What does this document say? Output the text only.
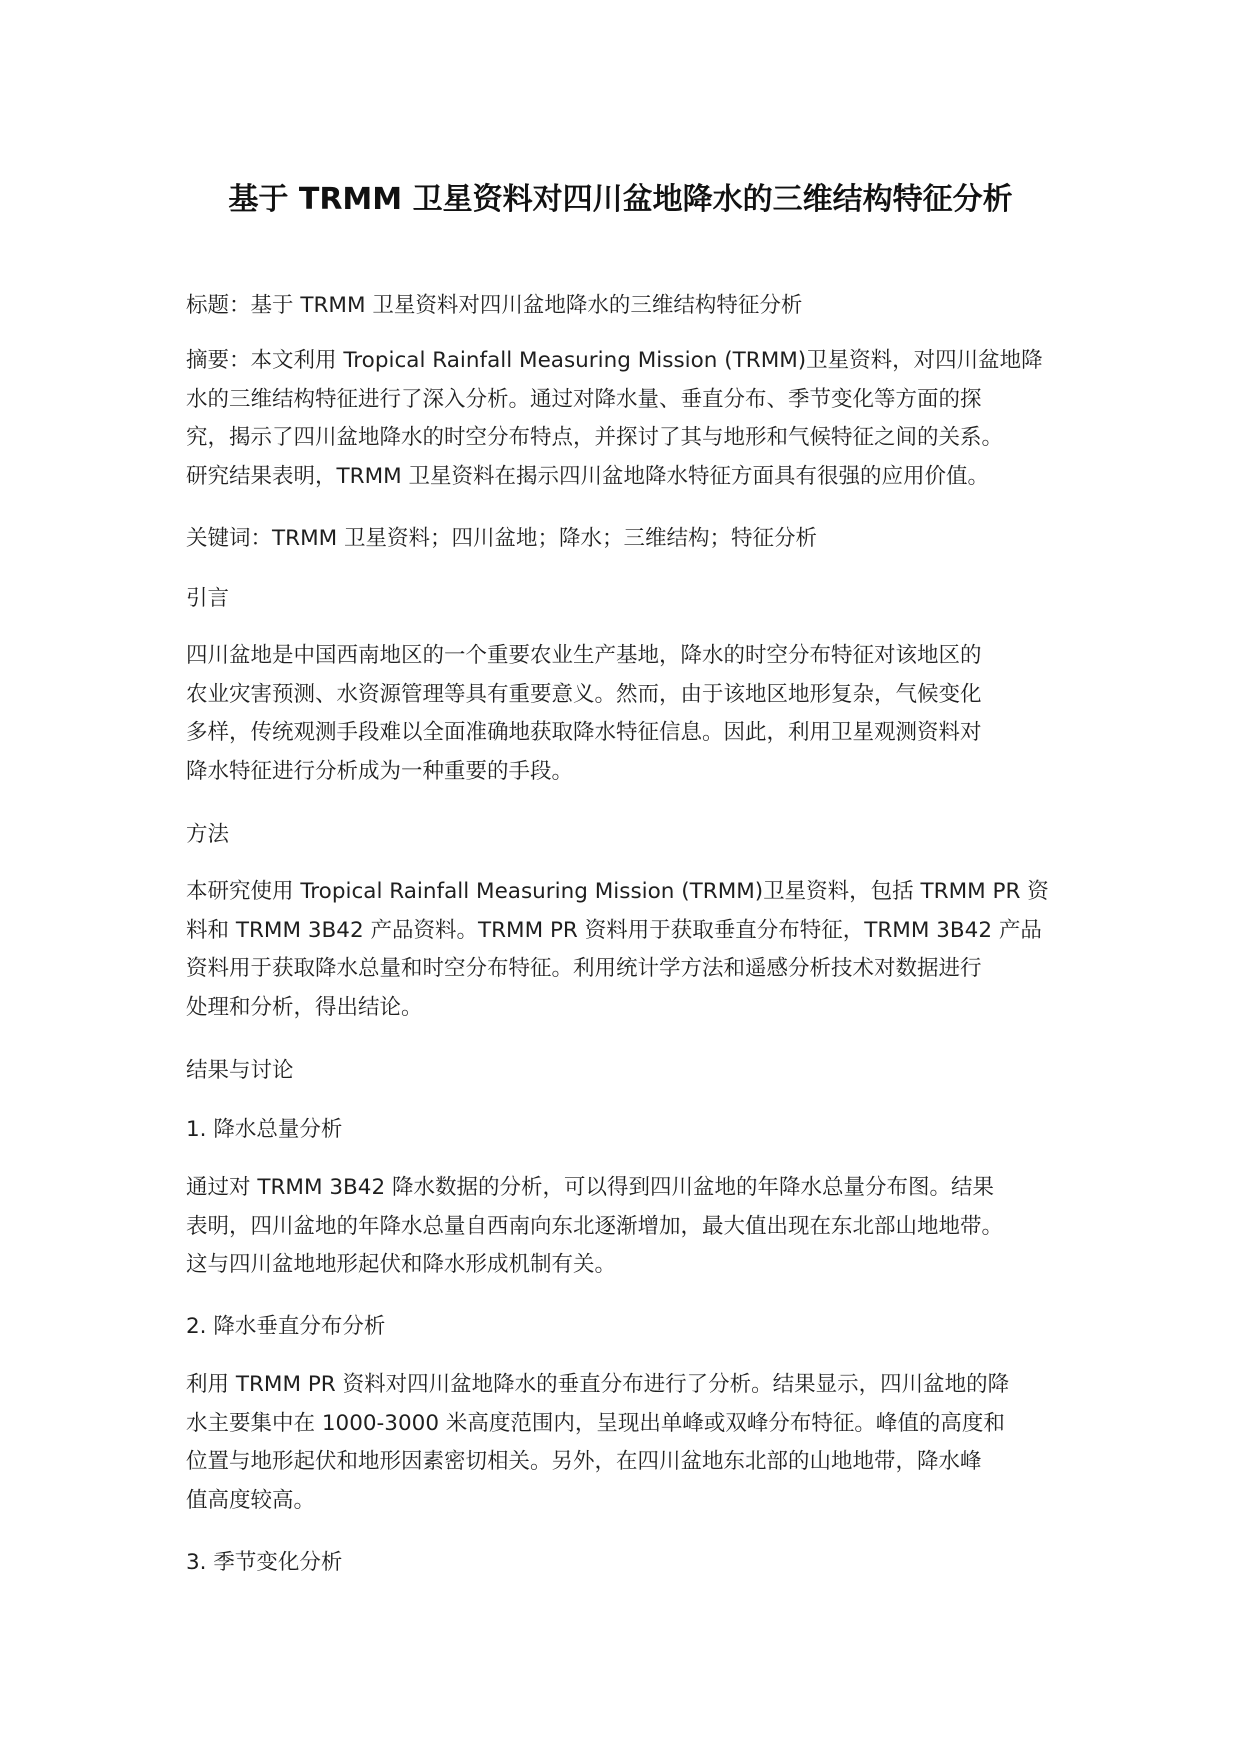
基于 TRMM 卫星资料对四川盆地降水的三维结构特征分析

标题：基于 TRMM 卫星资料对四川盆地降水的三维结构特征分析

摘要：本文利用 Tropical Rainfall Measuring Mission (TRMM)卫星资料，对四川盆地降
水的三维结构特征进行了深入分析。通过对降水量、垂直分布、季节变化等方面的探
究，揭示了四川盆地降水的时空分布特点，并探讨了其与地形和气候特征之间的关系。
研究结果表明，TRMM 卫星资料在揭示四川盆地降水特征方面具有很强的应用价值。

关键词：TRMM 卫星资料；四川盆地；降水；三维结构；特征分析

引言

四川盆地是中国西南地区的一个重要农业生产基地，降水的时空分布特征对该地区的
农业灾害预测、水资源管理等具有重要意义。然而，由于该地区地形复杂，气候变化
多样，传统观测手段难以全面准确地获取降水特征信息。因此，利用卫星观测资料对
降水特征进行分析成为一种重要的手段。

方法

本研究使用 Tropical Rainfall Measuring Mission (TRMM)卫星资料，包括 TRMM PR 资
料和 TRMM 3B42 产品资料。TRMM PR 资料用于获取垂直分布特征，TRMM 3B42 产品
资料用于获取降水总量和时空分布特征。利用统计学方法和遥感分析技术对数据进行
处理和分析，得出结论。

结果与讨论

1. 降水总量分析

通过对 TRMM 3B42 降水数据的分析，可以得到四川盆地的年降水总量分布图。结果
表明，四川盆地的年降水总量自西南向东北逐渐增加，最大值出现在东北部山地地带。
这与四川盆地地形起伏和降水形成机制有关。

2. 降水垂直分布分析

利用 TRMM PR 资料对四川盆地降水的垂直分布进行了分析。结果显示，四川盆地的降
水主要集中在 1000-3000 米高度范围内，呈现出单峰或双峰分布特征。峰值的高度和
位置与地形起伏和地形因素密切相关。另外，在四川盆地东北部的山地地带，降水峰
值高度较高。

3. 季节变化分析
